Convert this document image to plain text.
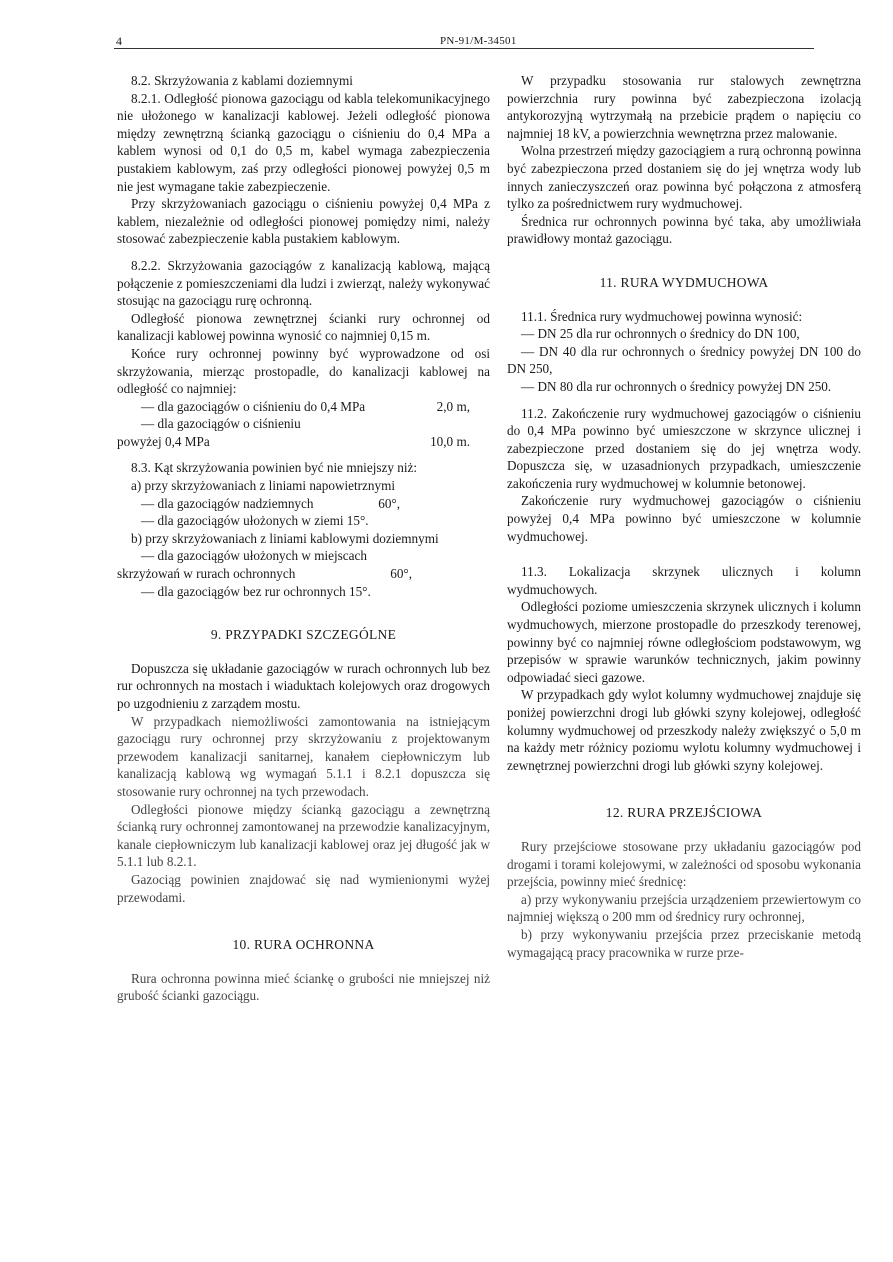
4	PN-91/M-34501

8.2. Skrzyżowania z kablami doziemnymi

8.2.1. Odległość pionowa gazociągu od kabla telekomunikacyjnego nie ułożonego w kanalizacji kablowej. Jeżeli odległość pionowa między zewnętrzną ścianką gazociągu o ciśnieniu do 0,4 MPa a kablem wynosi od 0,1 do 0,5 m, kabel wymaga zabezpieczenia pustakiem kablowym, zaś przy odległości pionowej powyżej 0,5 m nie jest wymagane takie zabezpieczenie.

Przy skrzyżowaniach gazociągu o ciśnieniu powyżej 0,4 MPa z kablem, niezależnie od odległości pionowej pomiędzy nimi, należy stosować zabezpieczenie kabla pustakiem kablowym.

8.2.2. Skrzyżowania gazociągów z kanalizacją kablową, mającą połączenie z pomieszczeniami dla ludzi i zwierząt, należy wykonywać stosując na gazociągu rurę ochronną.

Odległość pionowa zewnętrznej ścianki rury ochronnej od kanalizacji kablowej powinna wynosić co najmniej 0,15 m.

Końce rury ochronnej powinny być wyprowadzone od osi skrzyżowania, mierząc prostopadle, do kanalizacji kablowej na odległość co najmniej:

— dla gazociągów o ciśnieniu do 0,4 MPa	2,0 m,
— dla gazociągów o ciśnieniu
powyżej 0,4 MPa	10,0 m.

8.3. Kąt skrzyżowania powinien być nie mniejszy niż:

a) przy skrzyżowaniach z liniami napowietrznymi

— dla gazociągów nadziemnych	60°,
— dla gazociągów ułożonych w ziemi 15°.

b) przy skrzyżowaniach z liniami kablowymi doziemnymi

— dla gazociągów ułożonych w miejscach
skrzyżowań w rurach ochronnych	60°,
— dla gazociągów bez rur ochronnych 15°.
9. PRZYPADKI SZCZEGÓLNE

Dopuszcza się układanie gazociągów w rurach ochronnych lub bez rur ochronnych na mostach i wiaduktach kolejowych oraz drogowych po uzgodnieniu z zarządem mostu.

W przypadkach niemożliwości zamontowania na istniejącym gazociągu rury ochronnej przy skrzyżowaniu z projektowanym przewodem kanalizacji sanitarnej, kanałem ciepłowniczym lub kanalizacją kablową wg wymagań 5.1.1 i 8.2.1 dopuszcza się stosowanie rury ochronnej na tych przewodach.

Odległości pionowe między ścianką gazociągu a zewnętrzną ścianką rury ochronnej zamontowanej na przewodzie kanalizacyjnym, kanale ciepłowniczym lub kanalizacji kablowej oraz jej długość jak w 5.1.1 lub 8.2.1.

Gazociąg powinien znajdować się nad wymienionymi wyżej przewodami.

10. RURA OCHRONNA

Rura ochronna powinna mieć ściankę o grubości nie mniejszej niż grubość ścianki gazociągu.

W przypadku stosowania rur stalowych zewnętrzna powierzchnia rury powinna być zabezpieczona izolacją antykorozyjną wytrzymałą na przebicie prądem o napięciu co najmniej 18 kV, a powierzchnia wewnętrzna przez malowanie.

Wolna przestrzeń między gazociągiem a rurą ochronną powinna być zabezpieczona przed dostaniem się do jej wnętrza wody lub innych zanieczyszczeń oraz powinna być połączona z atmosferą tylko za pośrednictwem rury wydmuchowej.

Średnica rur ochronnych powinna być taka, aby umożliwiała prawidłowy montaż gazociągu.

11. RURA WYDMUCHOWA

11.1. Średnica rury wydmuchowej powinna wynosić:

— DN 25 dla rur ochronnych o średnicy do DN 100,

— DN 40 dla rur ochronnych o średnicy powyżej DN 100 do DN 250,

— DN 80 dla rur ochronnych o średnicy powyżej DN 250.

11.2. Zakończenie rury wydmuchowej gazociągów o ciśnieniu do 0,4 MPa powinno być umieszczone w skrzynce ulicznej i zabezpieczone przed dostaniem się do jej wnętrza wody. Dopuszcza się, w uzasadnionych przypadkach, umieszczenie zakończenia rury wydmuchowej w kolumnie betonowej.

Zakończenie rury wydmuchowej gazociągów o ciśnieniu powyżej 0,4 MPa powinno być umieszczone w kolumnie wydmuchowej.

11.3. Lokalizacja skrzynek ulicznych i kolumn wydmuchowych.

Odległości poziome umieszczenia skrzynek ulicznych i kolumn wydmuchowych, mierzone prostopadle do przeszkody terenowej, powinny być co najmniej równe odległościom podstawowym, wg przepisów w sprawie warunków technicznych, jakim powinny odpowiadać sieci gazowe.

W przypadkach gdy wylot kolumny wydmuchowej znajduje się poniżej powierzchni drogi lub główki szyny kolejowej, odległość kolumny wydmuchowej od przeszkody należy zwiększyć o 5,0 m na każdy metr różnicy poziomu wylotu kolumny wydmuchowej i zewnętrznej powierzchni drogi lub główki szyny kolejowej.

12. RURA PRZEJŚCIOWA

Rury przejściowe stosowane przy układaniu gazociągów pod drogami i torami kolejowymi, w zależności od sposobu wykonania przejścia, powinny mieć średnicę:

a) przy wykonywaniu przejścia urządzeniem przewiertowym co najmniej większą o 200 mm od średnicy rury ochronnej,

b) przy wykonywaniu przejścia przez przeciskanie metodą wymagającą pracy pracownika w rurze prze-
